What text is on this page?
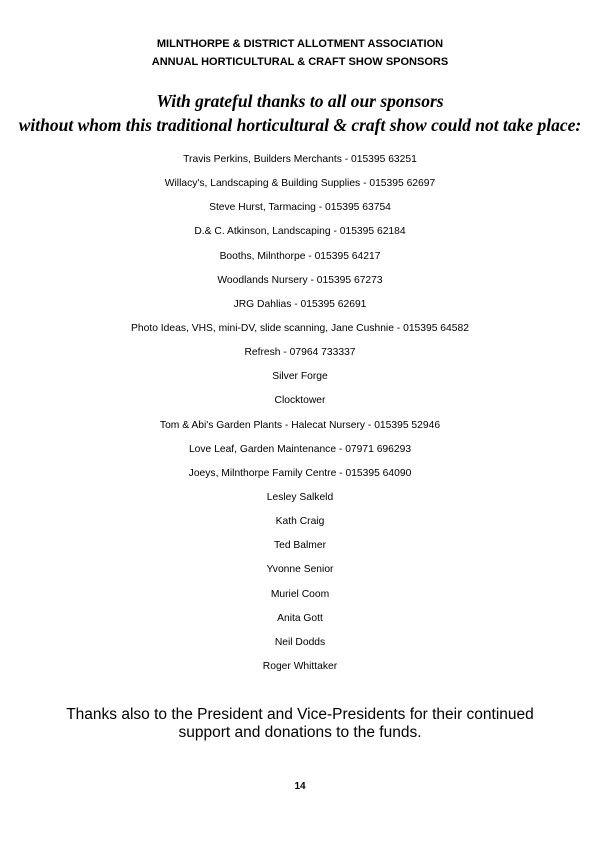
MILNTHORPE & DISTRICT ALLOTMENT ASSOCIATION
ANNUAL HORTICULTURAL & CRAFT SHOW SPONSORS
With grateful thanks to all our sponsors
without whom this traditional horticultural & craft show could not take place:
Travis Perkins, Builders Merchants - 015395 63251
Willacy's, Landscaping & Building Supplies - 015395 62697
Steve Hurst, Tarmacing - 015395 63754
D.& C. Atkinson, Landscaping - 015395 62184
Booths, Milnthorpe - 015395 64217
Woodlands Nursery - 015395 67273
JRG Dahlias - 015395 62691
Photo Ideas, VHS, mini-DV, slide scanning, Jane Cushnie - 015395 64582
Refresh - 07964 733337
Silver Forge
Clocktower
Tom & Abi's Garden Plants - Halecat Nursery - 015395 52946
Love Leaf, Garden Maintenance - 07971 696293
Joeys, Milnthorpe Family Centre - 015395 64090
Lesley Salkeld
Kath Craig
Ted Balmer
Yvonne Senior
Muriel Coom
Anita Gott
Neil Dodds
Roger Whittaker
Thanks also to the President and Vice-Presidents for their continued
support and donations to the funds.
14
